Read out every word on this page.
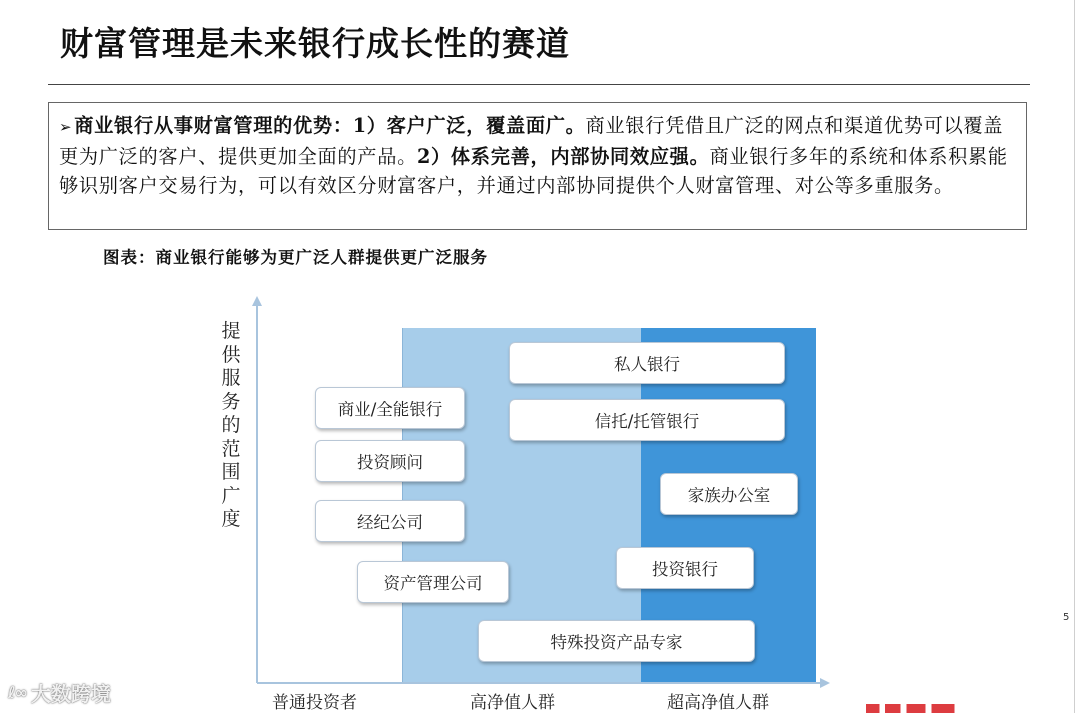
财富管理是未来银行成长性的赛道
➢ 商业银行从事财富管理的优势：1）客户广泛，覆盖面广。商业银行凭借且广泛的网点和渠道优势可以覆盖更为广泛的客户、提供更加全面的产品。2）体系完善，内部协同效应强。商业银行多年的系统和体系积累能够识别客户交易行为，可以有效区分财富客户，并通过内部协同提供个人财富管理、对公等多重服务。
图表：商业银行能够为更广泛人群提供更广泛服务
提供服务的范围广度
普通投资者	高净值人群	超高净值人群
私人银行
商业/全能银行
信托/托管银行
投资顾问
家族办公室
经纪公司
投资银行
资产管理公司
特殊投资产品专家
5
ℓ∞ 大数跨境
